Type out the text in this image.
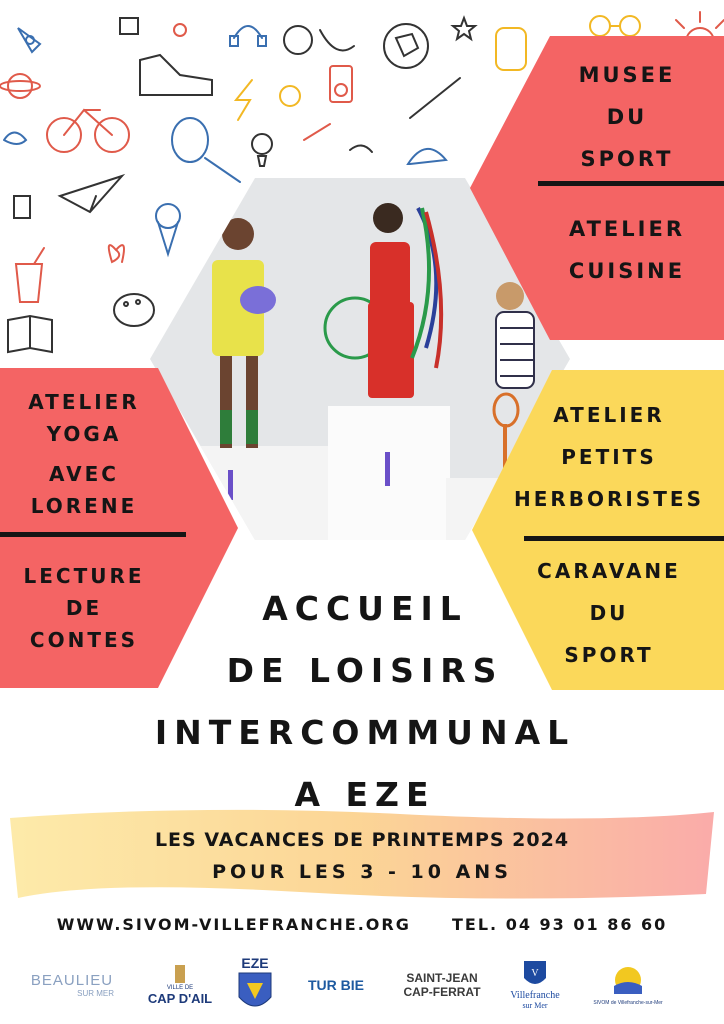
MUSEE
DU
SPORT
ATELIER
CUISINE
ATELIER
YOGA
AVEC
LORENE
LECTURE
DE
CONTES
ATELIER
PETITS
HERBORISTES
CARAVANE
DU
SPORT
ACCUEIL
DE LOISIRS
INTERCOMMUNAL
A EZE
LES VACANCES DE PRINTEMPS 2024
POUR LES 3 - 10 ANS
WWW.SIVOM-VILLEFRANCHE.ORG	TEL. 04 93 01 86 60
BEAULIEU
SUR MER
VILLE DE
CAP D'AIL
EZE
TUR BIE	SAINT-JEAN
CAP-FERRAT
V
Villefranche
sur Mer	SIVOM de Villefranche-sur-Mer
